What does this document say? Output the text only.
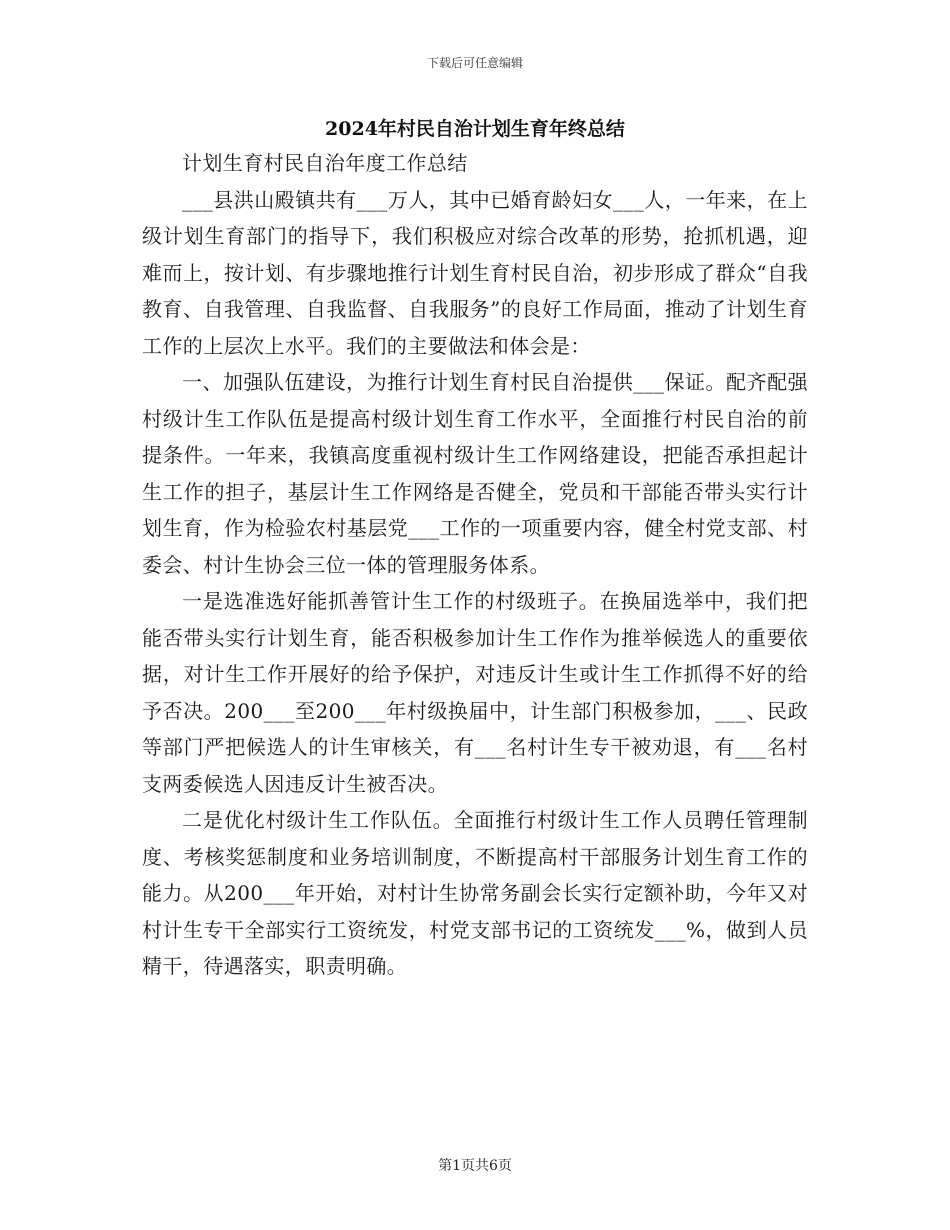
下载后可任意编辑
2024年村民自治计划生育年终总结

计划生育村民自治年度工作总结

___县洪山殿镇共有___万人，其中已婚育龄妇女___人，一年来，在上级计划生育部门的指导下，我们积极应对综合改革的形势，抢抓机遇，迎难而上，按计划、有步骤地推行计划生育村民自治，初步形成了群众“自我教育、自我管理、自我监督、自我服务”的良好工作局面，推动了计划生育工作的上层次上水平。我们的主要做法和体会是：

一、加强队伍建设，为推行计划生育村民自治提供___保证。配齐配强村级计生工作队伍是提高村级计划生育工作水平，全面推行村民自治的前提条件。一年来，我镇高度重视村级计生工作网络建设，把能否承担起计生工作的担子，基层计生工作网络是否健全，党员和干部能否带头实行计划生育，作为检验农村基层党___工作的一项重要内容，健全村党支部、村委会、村计生协会三位一体的管理服务体系。

一是选准选好能抓善管计生工作的村级班子。在换届选举中，我们把能否带头实行计划生育，能否积极参加计生工作作为推举候选人的重要依据，对计生工作开展好的给予保护，对违反计生或计生工作抓得不好的给予否决。200___至200___年村级换届中，计生部门积极参加，___、民政等部门严把候选人的计生审核关，有___名村计生专干被劝退，有___名村支两委候选人因违反计生被否决。

二是优化村级计生工作队伍。全面推行村级计生工作人员聘任管理制度、考核奖惩制度和业务培训制度，不断提高村干部服务计划生育工作的能力。从200___年开始，对村计生协常务副会长实行定额补助，今年又对村计生专干全部实行工资统发，村党支部书记的工资统发___%，做到人员精干，待遇落实，职责明确。

第1页共6页
